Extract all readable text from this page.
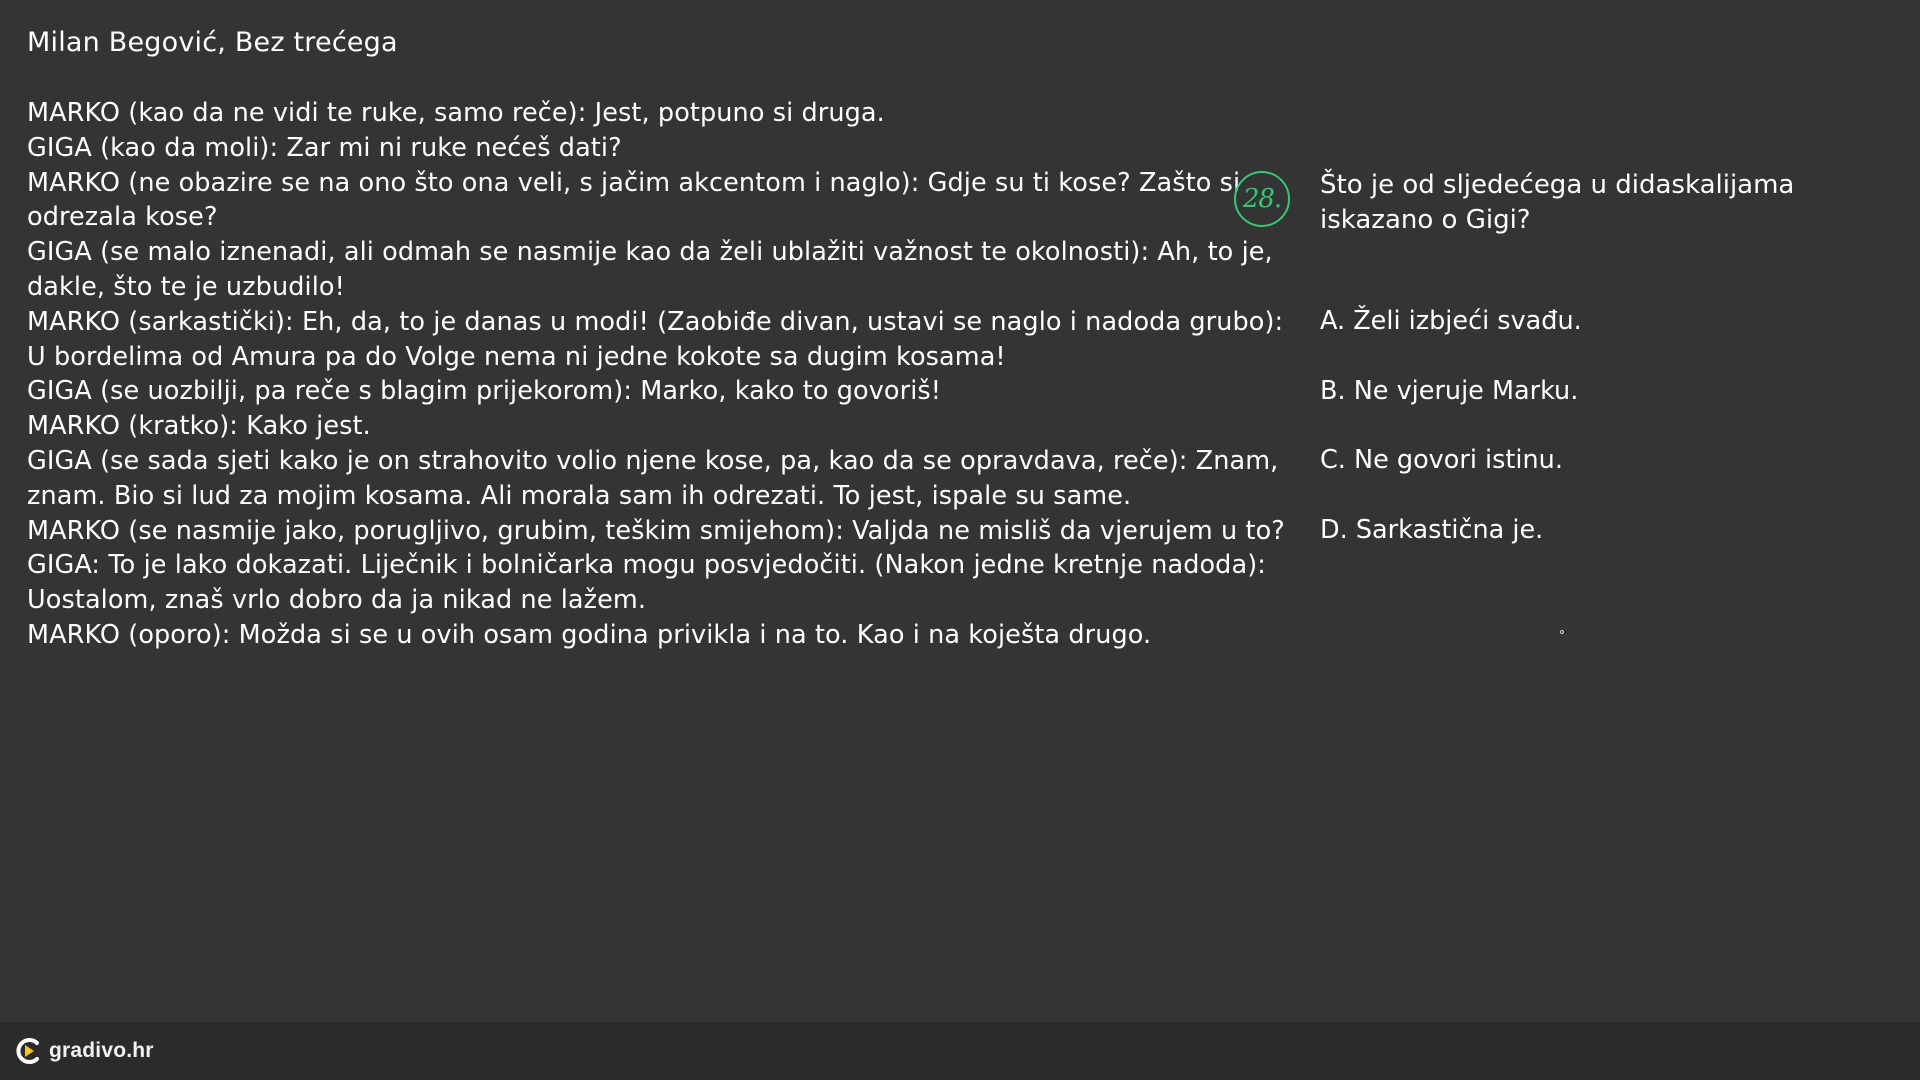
Milan Begović, Bez trećega
MARKO (kao da ne vidi te ruke, samo reče): Jest, potpuno si druga.
GIGA (kao da moli): Zar mi ni ruke nećeš dati?
MARKO (ne obazire se na ono što ona veli, s jačim akcentom i naglo): Gdje su ti kose? Zašto si
odrezala kose?
GIGA (se malo iznenadi, ali odmah se nasmije kao da želi ublažiti važnost te okolnosti): Ah, to je,
dakle, što te je uzbudilo!
MARKO (sarkastički): Eh, da, to je danas u modi! (Zaobiđe divan, ustavi se naglo i nadoda grubo):
U bordelima od Amura pa do Volge nema ni jedne kokote sa dugim kosama!
GIGA (se uozbilji, pa reče s blagim prijekorom): Marko, kako to govoriš!
MARKO (kratko): Kako jest.
GIGA (se sada sjeti kako je on strahovito volio njene kose, pa, kao da se opravdava, reče): Znam,
znam. Bio si lud za mojim kosama. Ali morala sam ih odrezati. To jest, ispale su same.
MARKO (se nasmije jako, porugljivo, grubim, teškim smijehom): Valjda ne misliš da vjerujem u to?
GIGA: To je lako dokazati. Liječnik i bolničarka mogu posvjedočiti. (Nakon jedne kretnje nadoda):
Uostalom, znaš vrlo dobro da ja nikad ne lažem.
MARKO (oporo): Možda si se u ovih osam godina privikla i na to. Kao i na koješta drugo.
28.	Što je od sljedećega u didaskalijama iskazano o Gigi?
A. Želi izbjeći svađu.
B. Ne vjeruje Marku.
C. Ne govori istinu.
D. Sarkastična je.
gradivo.hr
